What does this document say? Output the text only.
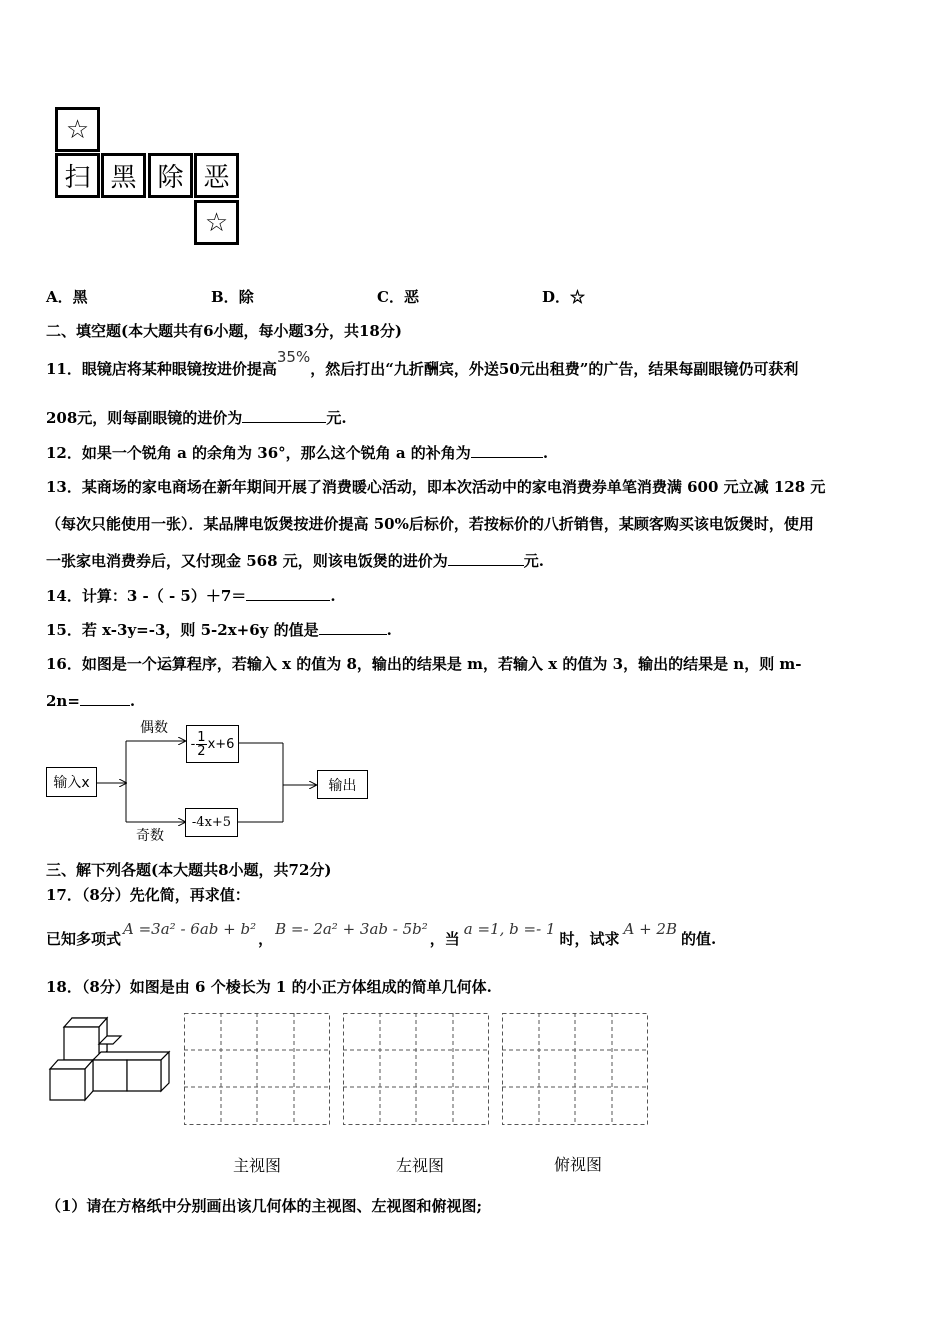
☆
扫 黑 除 恶
☆
A．黑	B．除	C．恶	D．☆
二、填空题(本大题共有6小题，每小题3分，共18分)
11．眼镜店将某种眼镜按进价提高35%，然后打出“九折酬宾，外送50元出租费”的广告，结果每副眼镜仍可获利
208元，则每副眼镜的进价为	元.
12．如果一个锐角 a 的余角为 36°，那么这个锐角 a 的补角为	.
13．某商场的家电商场在新年期间开展了消费暖心活动，即本次活动中的家电消费券单笔消费满 600 元立减 128 元
（每次只能使用一张）．某品牌电饭煲按进价提高 50%后标价，若按标价的八折销售，某顾客购买该电饭煲时，使用
一张家电消费券后，又付现金 568 元，则该电饭煲的进价为	元.
14．计算：3 -（ - 5）＋7＝	.
15．若 x-3y=-3，则 5-2x+6y 的值是	.
16．如图是一个运算程序，若输入 x 的值为 8，输出的结果是 m，若输入 x 的值为 3，输出的结果是 n，则 m-
2n=	.
输入x
偶数
奇数
- $\frac{1}{2} x+6$
-4x+5
输出
三、解下列各题(本大题共8小题，共72分)
17．（8分）先化简，再求值：
已知多项式A =3a² - 6ab + b²，B =- 2a² + 3ab - 5b²，当a =1, b =- 1时，试求A + 2B的值.
18．（8分）如图是由 6 个棱长为 1 的小正方体组成的简单几何体.
主视图	左视图	俯视图
（1）请在方格纸中分别画出该几何体的主视图、左视图和俯视图;
